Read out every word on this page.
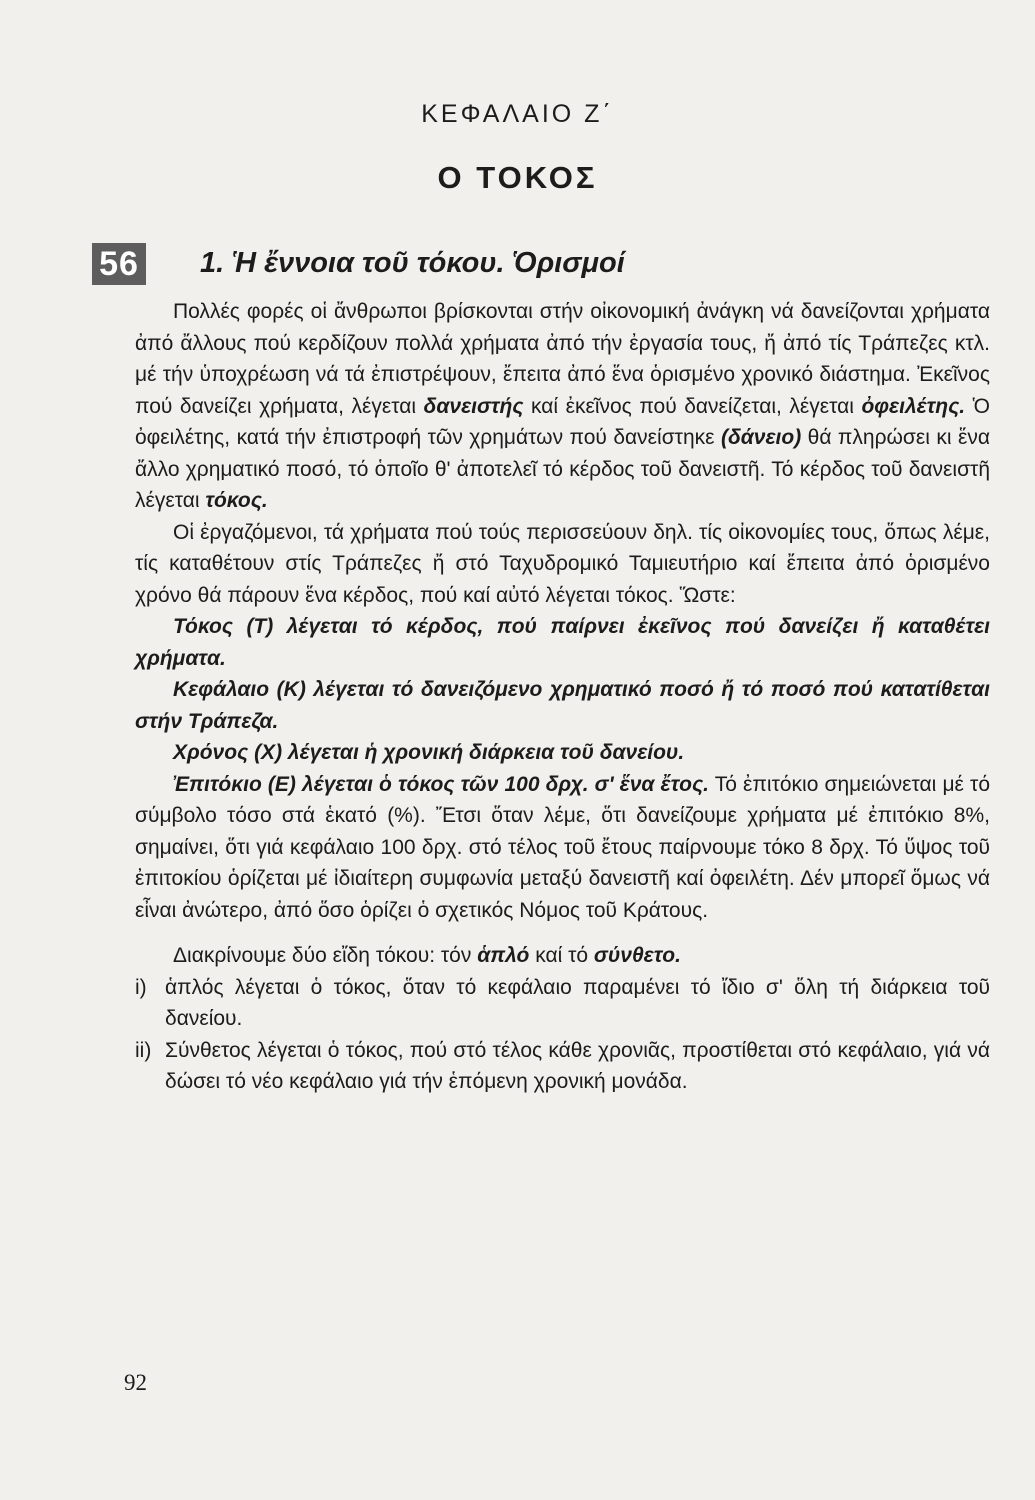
ΚΕΦΑΛΑΙΟ Ζ΄
Ο ΤΟΚΟΣ
56 1. Ἡ ἔννοια τοῦ τόκου. Ὁρισμοί

Πολλές φορές οἱ ἄνθρωποι βρίσκονται στήν οἰκονομική ἀνάγκη νά δανείζονται χρήματα ἀπό ἄλλους πού κερδίζουν πολλά χρήματα ἀπό τήν ἐργασία τους, ἤ ἀπό τίς Τράπεζες κτλ. μέ τήν ὑποχρέωση νά τά ἐπιστρέψουν, ἔπειτα ἀπό ἕνα ὁρισμένο χρονικό διάστημα. Ἐκεῖνος πού δανείζει χρήματα, λέγεται δανειστής καί ἐκεῖνος πού δανείζεται, λέγεται ὀφειλέτης. Ὁ ὀφειλέτης, κατά τήν ἐπιστροφή τῶν χρημάτων πού δανείστηκε (δάνειο) θά πληρώσει κι ἕνα ἄλλο χρηματικό ποσό, τό ὁποῖο θ' ἀποτελεῖ τό κέρδος τοῦ δανειστῆ. Τό κέρδος τοῦ δανειστῆ λέγεται τόκος.

Οἱ ἐργαζόμενοι, τά χρήματα πού τούς περισσεύουν δηλ. τίς οἰκονομίες τους, ὅπως λέμε, τίς καταθέτουν στίς Τράπεζες ἤ στό Ταχυδρομικό Ταμιευτήριο καί ἔπειτα ἀπό ὁρισμένο χρόνο θά πάρουν ἕνα κέρδος, πού καί αὐτό λέγεται τόκος. Ὥστε:

Τόκος (Τ) λέγεται τό κέρδος, πού παίρνει ἐκεῖνος πού δανείζει ἤ καταθέτει χρήματα.

Κεφάλαιο (Κ) λέγεται τό δανειζόμενο χρηματικό ποσό ἤ τό ποσό πού κατατίθεται στήν Τράπεζα.

Χρόνος (Χ) λέγεται ἡ χρονική διάρκεια τοῦ δανείου.

Ἐπιτόκιο (Ε) λέγεται ὁ τόκος τῶν 100 δρχ. σ' ἕνα ἔτος. Τό ἐπιτόκιο σημειώνεται μέ τό σύμβολο τόσο στά ἑκατό (%). Ἔτσι ὅταν λέμε, ὅτι δανείζουμε χρήματα μέ ἐπιτόκιο 8%, σημαίνει, ὅτι γιά κεφάλαιο 100 δρχ. στό τέλος τοῦ ἔτους παίρνουμε τόκο 8 δρχ. Τό ὕψος τοῦ ἐπιτοκίου ὁρίζεται μέ ἰδιαίτερη συμφωνία μεταξύ δανειστῆ καί ὀφειλέτη. Δέν μπορεῖ ὅμως νά εἶναι ἀνώτερο, ἀπό ὅσο ὁρίζει ὁ σχετικός Νόμος τοῦ Κράτους.

Διακρίνουμε δύο εἴδη τόκου: τόν ἁπλό καί τό σύνθετο.

i) ἁπλός λέγεται ὁ τόκος, ὅταν τό κεφάλαιο παραμένει τό ἴδιο σ' ὅλη τή διάρκεια τοῦ δανείου.
ii) Σύνθετος λέγεται ὁ τόκος, πού στό τέλος κάθε χρονιᾶς, προστίθεται στό κεφάλαιο, γιά νά δώσει τό νέο κεφάλαιο γιά τήν ἑπόμενη χρονική μονάδα.
92
